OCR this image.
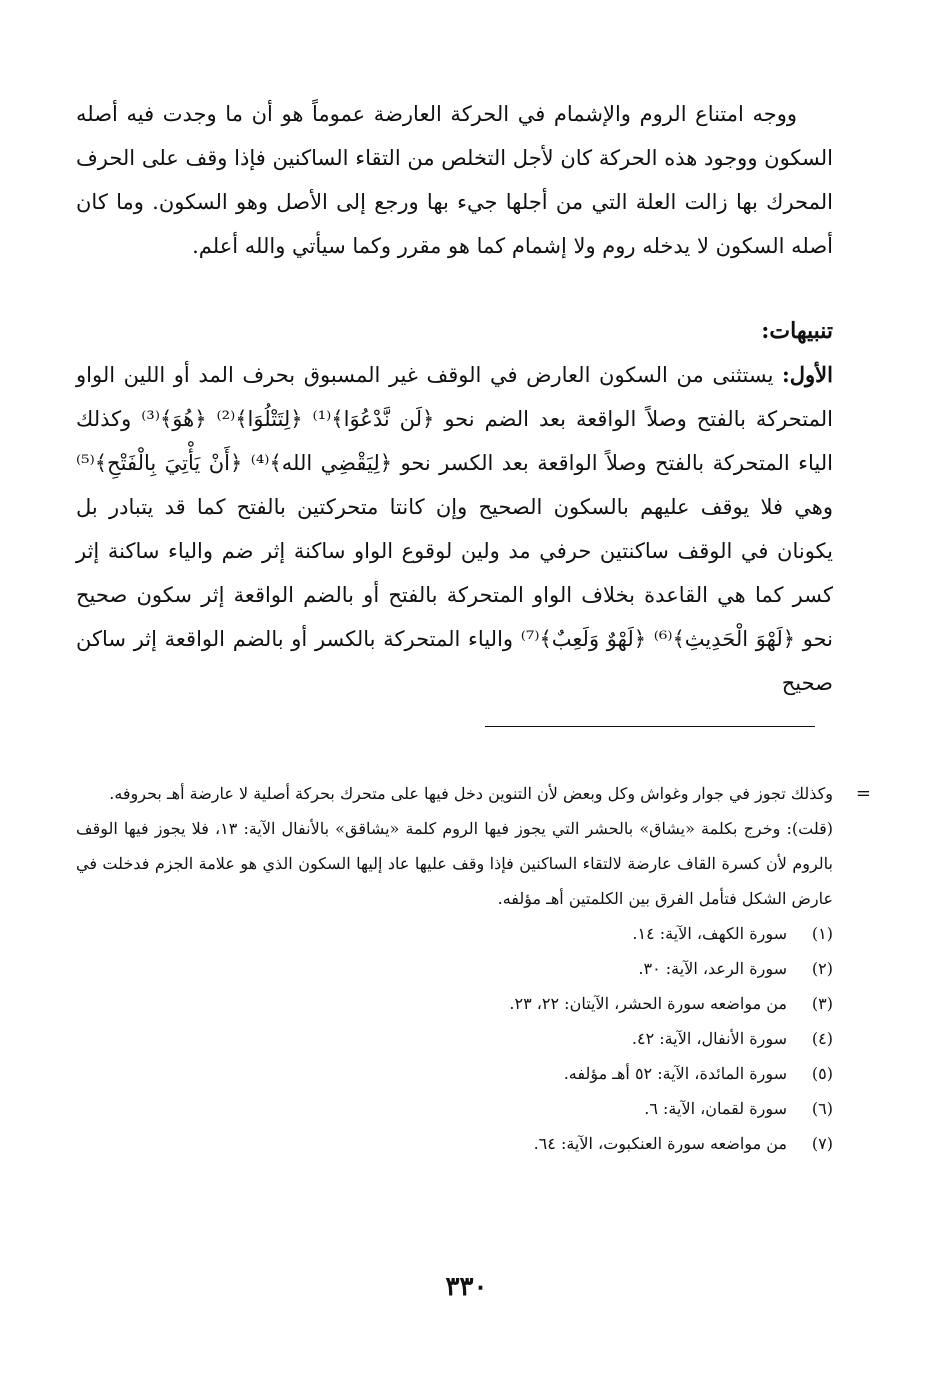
ووجه امتناع الروم والإشمام في الحركة العارضة عموماً هو أن ما وجدت فيه أصله السكون ووجود هذه الحركة كان لأجل التخلص من التقاء الساكنين فإذا وقف على الحرف المحرك بها زالت العلة التي من أجلها جيء بها ورجع إلى الأصل وهو السكون. وما كان أصله السكون لا يدخله روم ولا إشمام كما هو مقرر وكما سيأتي والله أعلم.

تنبيهات:

الأول: يستثنى من السكون العارض في الوقف غير المسبوق بحرف المد أو اللين الواو المتحركة بالفتح وصلاً الواقعة بعد الضم نحو ﴿لَن نَّدْعُوَا﴾⁽¹⁾ ﴿لِتَتْلُوَا﴾⁽²⁾ ﴿هُوَ﴾⁽³⁾ وكذلك الياء المتحركة بالفتح وصلاً الواقعة بعد الكسر نحو ﴿لِيَقْضِي الله﴾⁽⁴⁾ ﴿أَنْ يَأْتِيَ بِالْفَتْحِ﴾⁽⁵⁾ وهي فلا يوقف عليهم بالسكون الصحيح وإن كانتا متحركتين بالفتح كما قد يتبادر بل يكونان في الوقف ساكنتين حرفي مد ولين لوقوع الواو ساكنة إثر ضم والياء ساكنة إثر كسر كما هي القاعدة بخلاف الواو المتحركة بالفتح أو بالضم الواقعة إثر سكون صحيح نحو ﴿لَهْوَ الْحَدِيثِ﴾⁽⁶⁾ ﴿لَهْوٌ وَلَعِبٌ﴾⁽⁷⁾ والياء المتحركة بالكسر أو بالضم الواقعة إثر ساكن صحيح

=
وكذلك تجوز في جوار وغواش وكل وبعض لأن التنوين دخل فيها على متحرك بحركة أصلية لا عارضة أهـ بحروفه.

(قلت): وخرج بكلمة «يشاق» بالحشر التي يجوز فيها الروم كلمة «يشاقق» بالأنفال الآية: ١٣، فلا يجوز فيها الوقف بالروم لأن كسرة القاف عارضة لالتقاء الساكنين فإذا وقف عليها عاد إليها السكون الذي هو علامة الجزم فدخلت في عارض الشكل فتأمل الفرق بين الكلمتين أهـ مؤلفه.

(١)
سورة الكهف، الآية: ١٤.
(٢)
سورة الرعد، الآية: ٣٠.
(٣)
من مواضعه سورة الحشر، الآيتان: ٢٢، ٢٣.
(٤)
سورة الأنفال، الآية: ٤٢.
(٥)
سورة المائدة، الآية: ٥٢ أهـ مؤلفه.
(٦)
سورة لقمان، الآية: ٦.
(٧)
من مواضعه سورة العنكبوت، الآية: ٦٤.
٣٣٠
